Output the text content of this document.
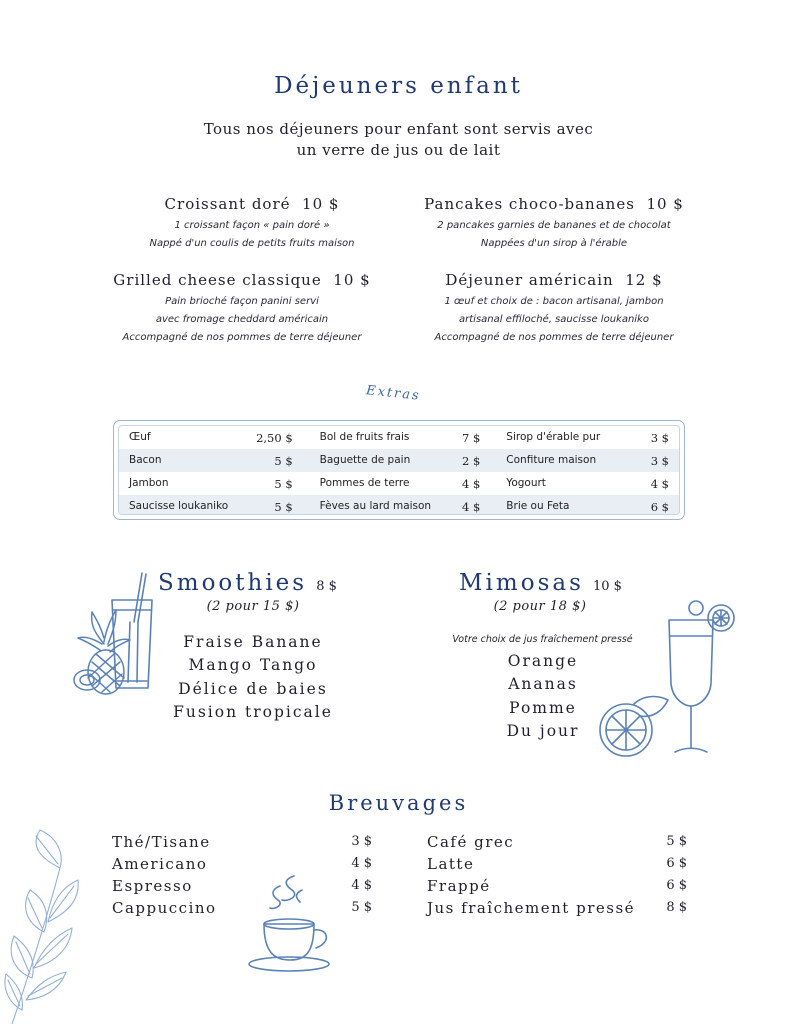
Déjeuners enfant
Tous nos déjeuners pour enfant sont servis avec
un verre de jus ou de lait
Croissant doré 10 $
1 croissant façon « pain doré »
Nappé d'un coulis de petits fruits maison
Pancakes choco-bananes 10 $
2 pancakes garnies de bananes et de chocolat
Nappées d'un sirop à l'érable
Grilled cheese classique 10 $
Pain brioché façon panini servi
avec fromage cheddard américain
Accompagné de nos pommes de terre déjeuner
Déjeuner américain 12 $
1 œuf et choix de : bacon artisanal, jambon
artisanal effiloché, saucisse loukaniko
Accompagné de nos pommes de terre déjeuner
Extras
Œuf	2,50 $	Bol de fruits frais	7 $ Sirop d'érable pur	3 $
Bacon	5 $	Baguette de pain	2 $ Confiture maison	3 $
Jambon	5 $	Pommes de terre	4 $ Yogourt	4 $
Saucisse loukaniko	5 $	Fèves au lard maison	4 $ Brie ou Feta	6 $
Smoothies 8 $
(2 pour 15 $)
Fraise Banane
Mango Tango
Délice de baies
Fusion tropicale
Mimosas 10 $
(2 pour 18 $)
Votre choix de jus fraîchement pressé
Orange
Ananas
Pomme
Du jour
Breuvages
Thé/Tisane	3 $
Americano	4 $
Espresso	4 $
Cappuccino	5 $
Café grec	5 $
Latte	6 $
Frappé	6 $
Jus fraîchement pressé 8 $
